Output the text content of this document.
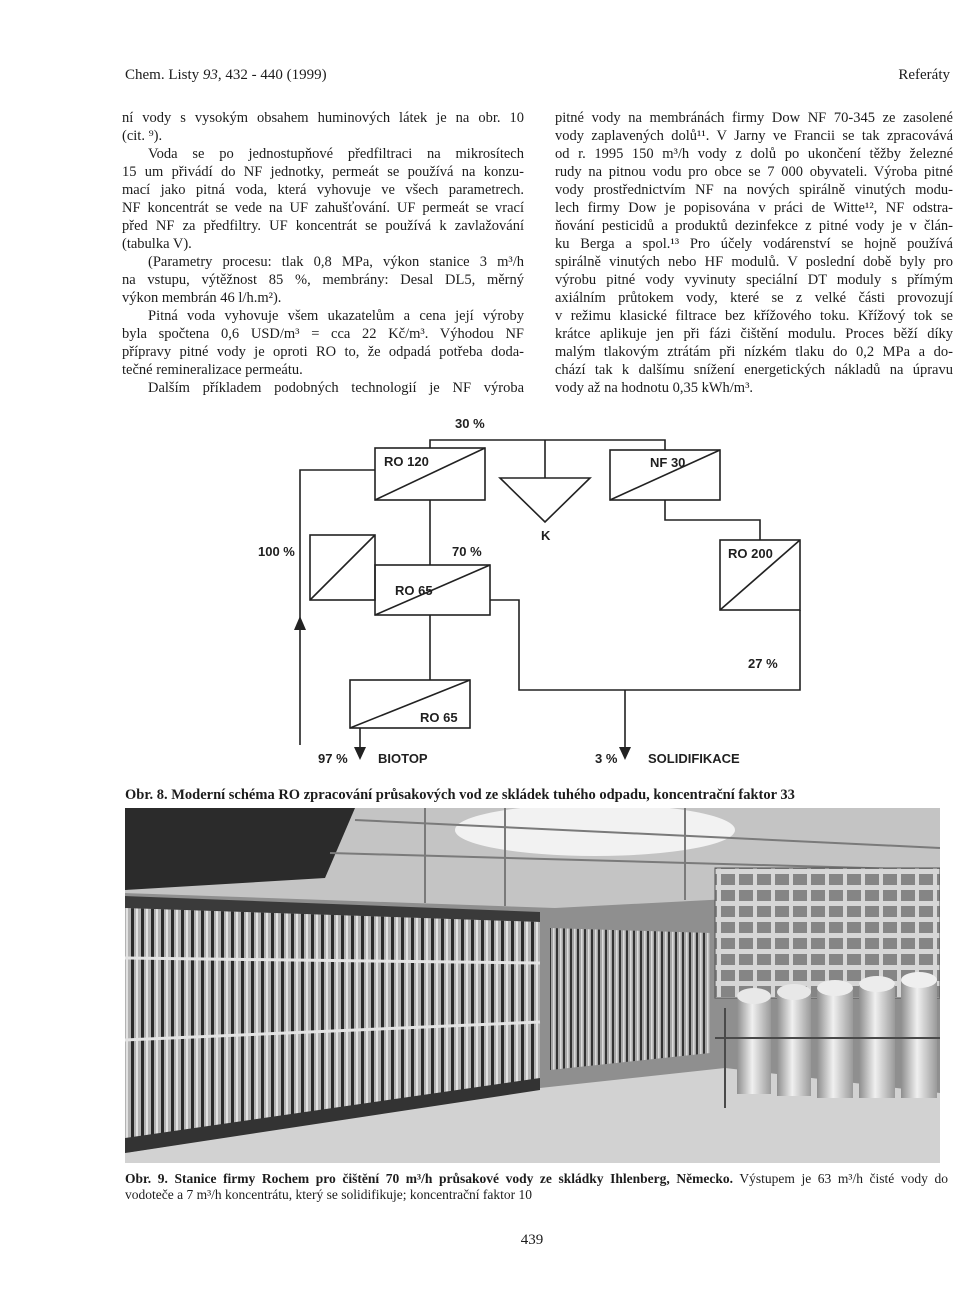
Chem. Listy 93, 432 - 440 (1999)	Referáty
ní vody s vysokým obsahem huminových látek je na obr. 10
(cit. ⁹).
Voda se po jednostupňové předfiltraci na mikrosítech
15 um přivádí do NF jednotky, permeát se používá na konzu-
mací jako pitná voda, která vyhovuje ve všech parametrech.
NF koncentrát se vede na UF zahušťování. UF permeát se vrací
před NF za předfiltry. UF koncentrát se používá k zavlažování
(tabulka V).
(Parametry procesu: tlak 0,8 MPa, výkon stanice 3 m³/h
na vstupu, výtěžnost 85 %, membrány: Desal DL5, měrný
výkon membrán 46 l/h.m²).
Pitná voda vyhovuje všem ukazatelům a cena její výroby
byla spočtena 0,6 USD/m³ = cca 22 Kč/m³. Výhodou NF
přípravy pitné vody je oproti RO to, že odpadá potřeba doda-
tečné remineralizace permeátu.
Dalším příkladem podobných technologií je NF výroba
pitné vody na membránách firmy Dow NF 70-345 ze zasolené
vody zaplavených dolů¹¹. V Jarny ve Francii se tak zpracovává
od r. 1995 150 m³/h vody z dolů po ukončení těžby železné
rudy na pitnou vodu pro obce se 7 000 obyvateli. Výroba pitné
vody prostřednictvím NF na nových spirálně vinutých modu-
lech firmy Dow je popisována v práci de Witte¹², NF odstra-
ňování pesticidů a produktů dezinfekce z pitné vody je v člán-
ku Berga a spol.¹³ Pro účely vodárenství se hojně používá
spirálně vinutých nebo HF modulů. V poslední době byly pro
výrobu pitné vody vyvinuty speciální DT moduly s přímým
axiálním průtokem vody, které se z velké části provozují
v režimu klasické filtrace bez křížového toku. Křížový tok se
krátce aplikuje jen při fázi čištění modulu. Proces běží díky
malým tlakovým ztrátám při nízkém tlaku do 0,2 MPa a do-
chází tak k dalšímu snížení energetických nákladů na úpravu
vody až na hodnotu 0,35 kWh/m³.
30 %
RO 120	NF 30
K
100 %	70 %	RO 200
RO 65
27 %
RO 65
97 % BIOTOP	3 % SOLIDIFIKACE
Obr. 8. Moderní schéma RO zpracování průsakových vod ze skládek tuhého odpadu, koncentrační faktor 33
Obr. 9. Stanice firmy Rochem pro čištění 70 m³/h průsakové vody ze skládky Ihlenberg, Německo. Výstupem je 63 m³/h čisté vody do
vodoteče a 7 m³/h koncentrátu, který se solidifikuje; koncentrační faktor 10
439
